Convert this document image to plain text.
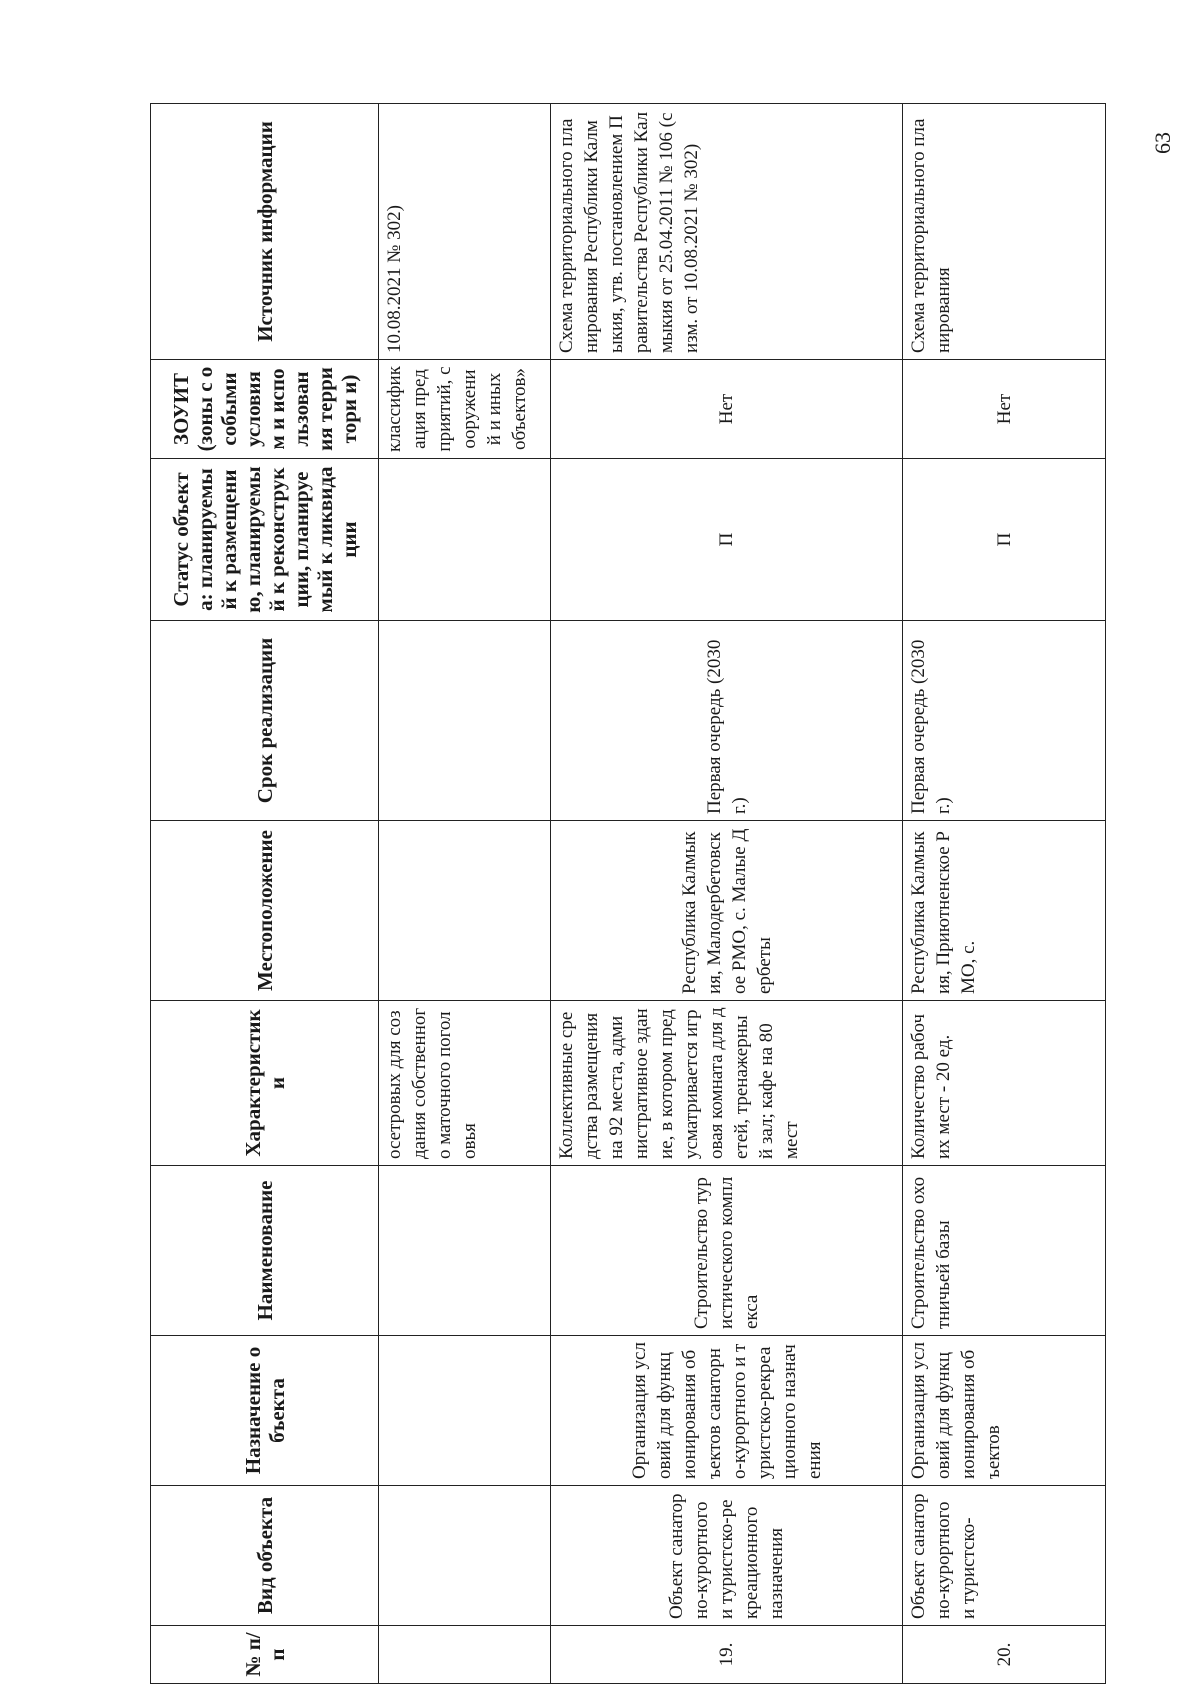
№ п/п	Вид объекта	Назначение объекта	Наименование	Характеристики	Местоположение	Срок реализации	Статус объекта: планируемый к размещению, планируемый к реконструкции, планируемый к ликвидации	ЗОУИТ (зоны с особыми условиям и использования территори и)	Источник информации
				осетровых для создания собственного маточного поголовья				классификация предприятий, сооружений и иных объектов»	10.08.2021 № 302)
19.	Объект санаторно-курортного и туристско-рекреационного назначения	Организация условий для функционирования объектов санаторно-курортного и туристско-рекреационного назначения	Строительство туристического комплекса	Коллективные средства размещения на 92 места, административное здание, в котором предусматривается игровая комната для детей, тренажерный зал; кафе на 80 мест	Республика Калмыкия, Малодербетовское РМО, с. Малые Дербеты	Первая очередь (2030 г.)	П	Нет	Схема территориального планирования Республики Калмыкия, утв. постановлением Правительства Республики Калмыкия от 25.04.2011 № 106 (с изм. от 10.08.2021 № 302)
20.	Объект санаторно-курортного и туристско-	Организация условий для функционирования объектов	Строительство охотничьей базы	Количество рабочих мест - 20 ед.	Республика Калмыкия, Приютненское РМО, с.	Первая очередь (2030 г.)	П	Нет	Схема территориального планирования
63
